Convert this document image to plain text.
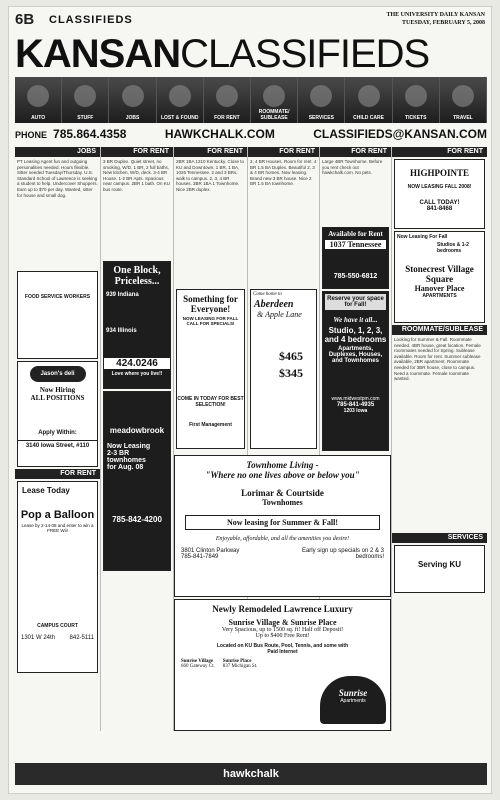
6B CLASSIFIEDS	THE UNIVERSITY DAILY KANSAN
TUESDAY, FEBRUARY 5, 2008
KANSANCLASSIFIEDS
AUTO	STUFF	JOBS	LOST & FOUND	FOR RENT
ROOMMATE/ SUBLEASE	SERVICES	CHILD CARE	TICKETS	TRAVEL
PHONE 785.864.4358	HAWKCHALK.COM	CLASSIFIEDS@KANSAN.COM
JOBS
PT Leasing Agent fun and outgoing personalities needed. Hours flexible. Sitter needed Tuesday/Thursday. U.S. Standard School of Lawrence is seeking a student to help. Undercover Shoppers. Earn up to $70 per day. Wanted, sitter for house and small dog.
FOOD SERVICE WORKERS
Jason's deli
Now Hiring
ALL POSITIONS
Apply Within:
3140 Iowa Street, #110
FOR RENT
Lease Today
Pop a Balloon
Lease by 2-14-08 and enter to win a FREE Wii!
CAMPUS COURT
1301 W 24th 842-5111
FOR RENT
3 BR Duplex. Quiet street, no smoking, W/D. 1 BR, 2 full baths, New kitchen, W/D, deck. 3-4 BR House. 1-2 BR Apts. Spacious near campus. 2BR 1 bath. On KU bus route.
One Block, Priceless...
939 Indiana
934 Illinois
424.0246
Love where you live!!
meadowbrook
Now Leasing
2-3 BR townhomes
for Aug. 08
785-842-4200
FOR RENT
2BR 1BA 1310 Kentucky. Close to KU and Downtown. 1 BR, 1 BA, 1026 Tennessee. 2 and 3 BRs, walk to campus. 2, 3, 4 BR houses. 3BR 1BA 1 Townhome. Nice 2BR duplex.
Something for
Everyone!
NOW LEASING FOR FALL CALL FOR SPECIALS!
COME IN TODAY FOR BEST SELECTION!
First Management
FOR RENT
2, 4 BR Houses. Room for rent. 4 BR 1.5 BA Duplex. Beautiful 2, 3 & 4 BR homes. Now leasing. Brand new 3 BR house. Nice 2 BR 1.5 BA townhome.
Come home to
Aberdeen
& Apple Lane
$465
$345
FOR RENT
Large 4BR Townhome. Before you rent check out hawkchalk.com. No pets.
Available for Rent
1037 Tennessee
785-550-6812
Reserve your space for Fall!
We have it all...
Studio, 1, 2, 3,
and 4 bedrooms
Apartments, Duplexes, Houses, and Townhomes
www.midwestpm.com
785-841-4935
1203 Iowa
FOR RENT
HIGHPOINTE
NOW LEASING FALL 2008!
CALL TODAY!
841-8468
Now Leasing For Fall
Studios & 1-2 bedrooms
Stonecrest Village Square
Hanover Place
APARTMENTS
ROOMMATE/SUBLEASE
Looking for Summer & Fall. Roommate needed. 4BR house, great location. Female roommates needed for Spring. Sublease available. Room for rent. Summer sublease available, 2BR apartment. Roommate needed for 3BR house, close to campus. Need a roommate. Female roommate wanted.
SERVICES
Serving KU
Townhome Living -
"Where no one lives above or below you"
Lorimar & Courtside
Townhomes
Now leasing for Summer & Fall!
Enjoyable, affordable, and all the amenities you desire!
3801 Clinton Parkway
785-841-7849
Early sign up specials on 2 & 3 bedrooms!
Newly Remodeled Lawrence Luxury
Sunrise Village & Sunrise Place
Very Spacious, up to 1500 sq. ft! Half off Deposit!
Up to $400 Free Rent!
Located on KU Bus Route, Pool, Tennis, and some with Paid Internet
Sunrise Village
660 Gateway Ct.
Sunrise Place
837 Michigan St.
Sunrise
Apartments
hawkchalk
